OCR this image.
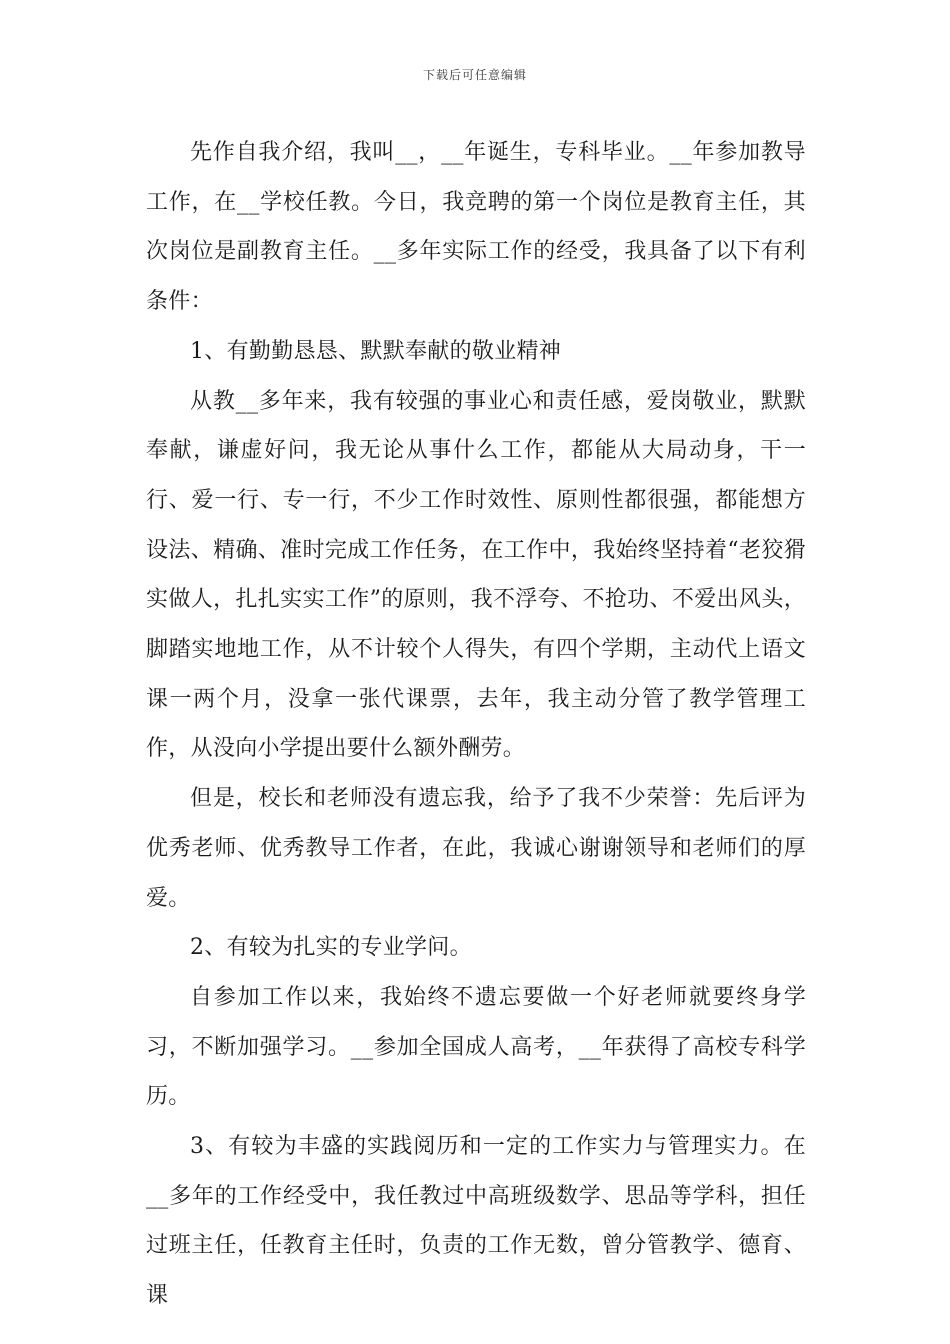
下载后可任意编辑

先作自我介绍，我叫__，__年诞生，专科毕业。__年参加教导工作，在__学校任教。今日，我竞聘的第一个岗位是教育主任，其次岗位是副教育主任。__多年实际工作的经受，我具备了以下有利条件：

1、有勤勤恳恳、默默奉献的敬业精神

从教__多年来，我有较强的事业心和责任感，爱岗敬业，默默奉献，谦虚好问，我无论从事什么工作，都能从大局动身，干一行、爱一行、专一行，不少工作时效性、原则性都很强，都能想方设法、精确、准时完成工作任务，在工作中，我始终坚持着“老狡猾实做人，扎扎实实工作”的原则，我不浮夸、不抢功、不爱出风头，脚踏实地地工作，从不计较个人得失，有四个学期，主动代上语文课一两个月，没拿一张代课票，去年，我主动分管了教学管理工作，从没向小学提出要什么额外酬劳。

但是，校长和老师没有遗忘我，给予了我不少荣誉：先后评为优秀老师、优秀教导工作者，在此，我诚心谢谢领导和老师们的厚爱。

2、有较为扎实的专业学问。

自参加工作以来，我始终不遗忘要做一个好老师就要终身学习，不断加强学习。__参加全国成人高考，__年获得了高校专科学历。

3、有较为丰盛的实践阅历和一定的工作实力与管理实力。在__多年的工作经受中，我任教过中高班级数学、思品等学科，担任过班主任，任教育主任时，负责的工作无数，曾分管教学、德育、课
